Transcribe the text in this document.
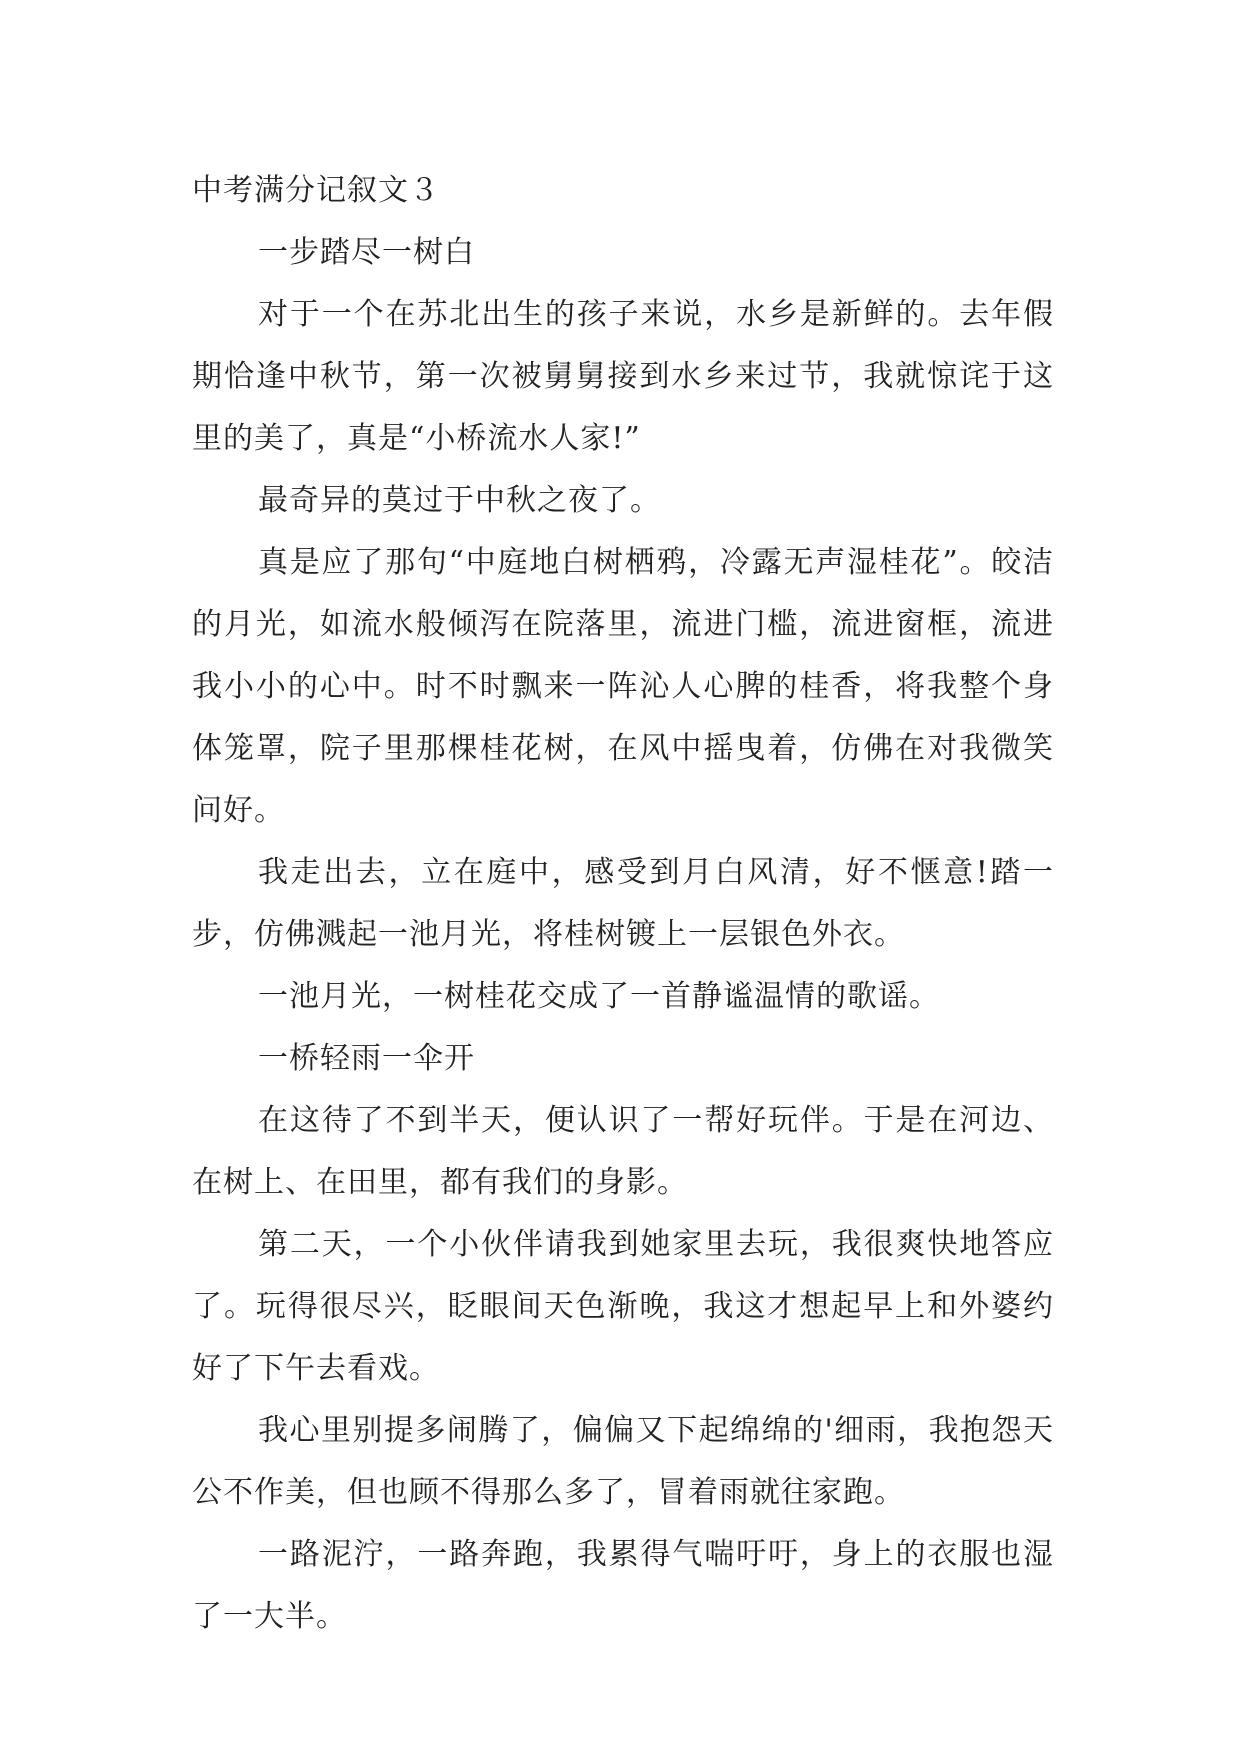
中考满分记叙文３

一步踏尽一树白

对于一个在苏北出生的孩子来说，水乡是新鲜的。去年假期恰逢中秋节，第一次被舅舅接到水乡来过节，我就惊诧于这里的美了，真是“小桥流水人家!”

最奇异的莫过于中秋之夜了。

真是应了那句“中庭地白树栖鸦，冷露无声湿桂花”。皎洁的月光，如流水般倾泻在院落里，流进门槛，流进窗框，流进我小小的心中。时不时飘来一阵沁人心脾的桂香，将我整个身体笼罩，院子里那棵桂花树，在风中摇曳着，仿佛在对我微笑问好。

我走出去，立在庭中，感受到月白风清，好不惬意!踏一步，仿佛溅起一池月光，将桂树镀上一层银色外衣。

一池月光，一树桂花交成了一首静谧温情的歌谣。

一桥轻雨一伞开

在这待了不到半天，便认识了一帮好玩伴。于是在河边、在树上、在田里，都有我们的身影。

第二天，一个小伙伴请我到她家里去玩，我很爽快地答应了。玩得很尽兴，眨眼间天色渐晚，我这才想起早上和外婆约好了下午去看戏。

我心里别提多闹腾了，偏偏又下起绵绵的'细雨，我抱怨天公不作美，但也顾不得那么多了，冒着雨就往家跑。

一路泥泞，一路奔跑，我累得气喘吁吁，身上的衣服也湿了一大半。
